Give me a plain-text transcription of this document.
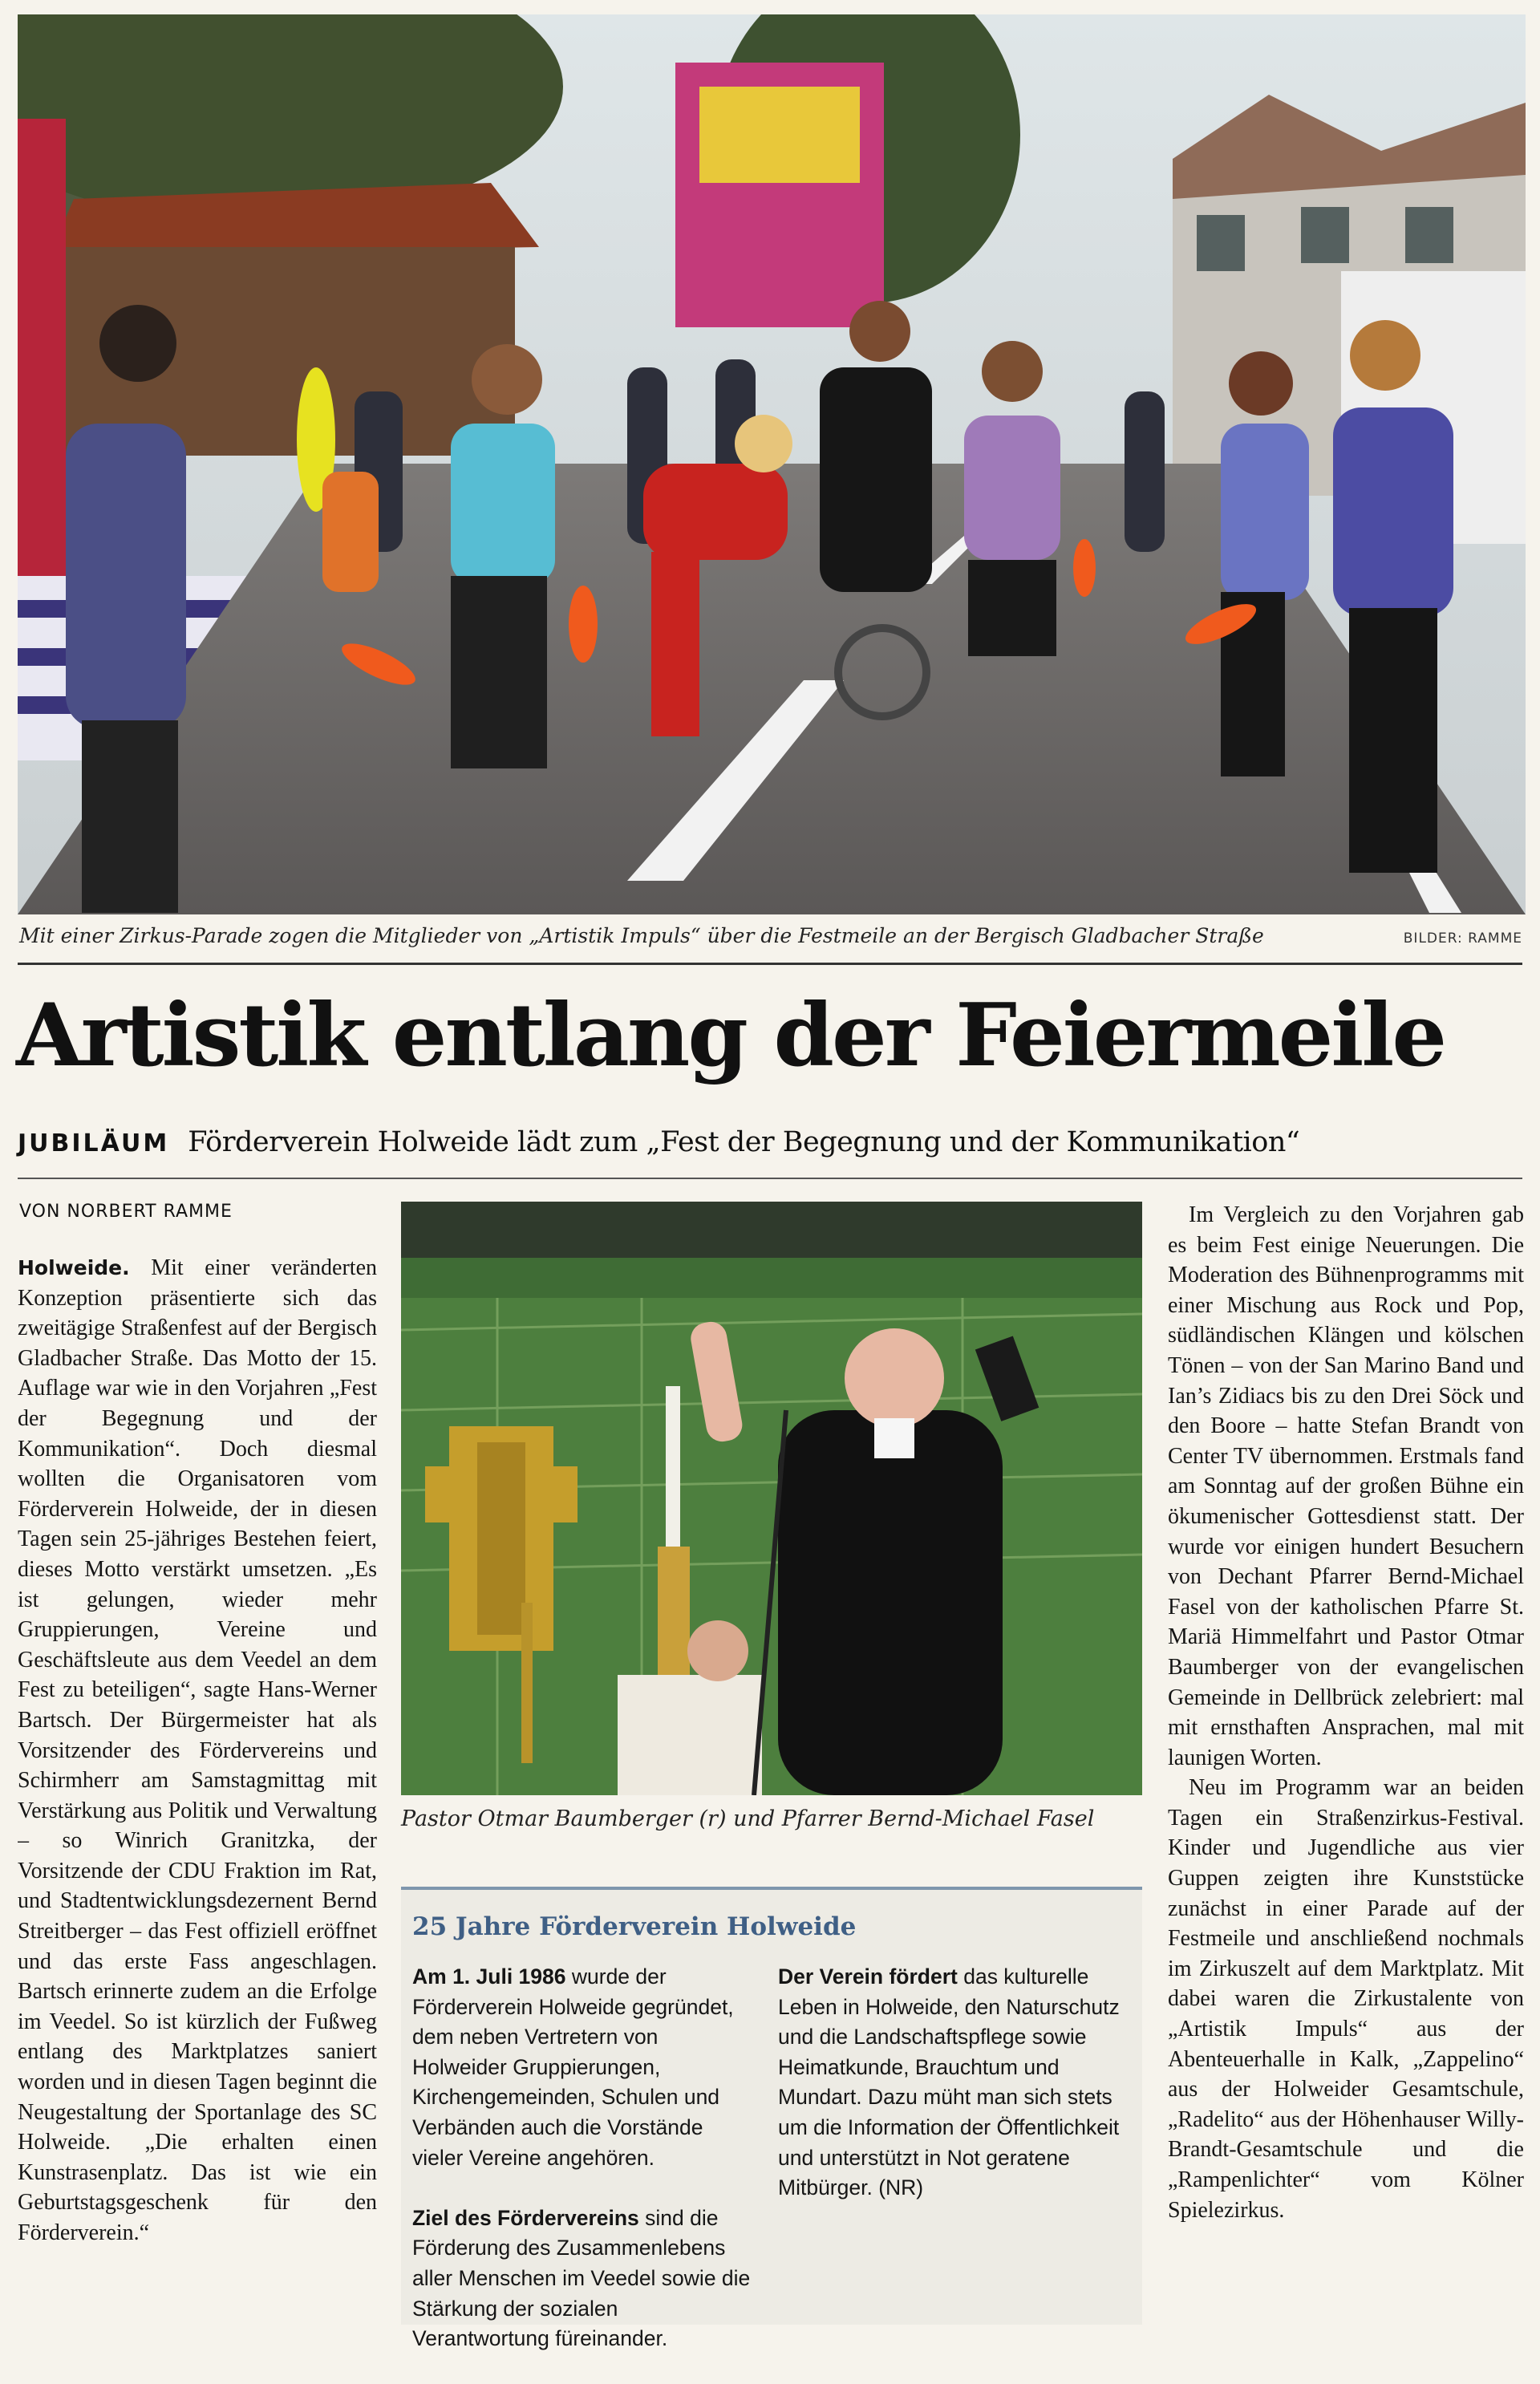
Mit einer Zirkus-Parade zogen die Mitglieder von „Artistik Impuls“ über die Festmeile an der Bergisch Gladbacher Straße	BILDER: RAMME
Artistik entlang der Feiermeile
JUBILÄUM Förderverein Holweide lädt zum „Fest der Begegnung und der Kommunikation“
VON NORBERT RAMME

Holweide. Mit einer veränderten Konzeption präsentierte sich das zweitägige Straßenfest auf der Bergisch Gladbacher Straße. Das Motto der 15. Auflage war wie in den Vorjahren „Fest der Begegnung und der Kommunikation“. Doch diesmal wollten die Organisatoren vom Förderverein Holweide, der in diesen Tagen sein 25-jähriges Bestehen feiert, dieses Motto verstärkt umsetzen. „Es ist gelungen, wieder mehr Gruppierungen, Vereine und Geschäftsleute aus dem Veedel an dem Fest zu beteiligen“, sagte Hans-Werner Bartsch. Der Bürgermeister hat als Vorsitzender des Fördervereins und Schirmherr am Samstagmittag mit Verstärkung aus Politik und Verwaltung – so Winrich Granitzka, der Vorsitzende der CDU Fraktion im Rat, und Stadtentwicklungsdezernent Bernd Streitberger – das Fest offiziell eröffnet und das erste Fass angeschlagen. Bartsch erinnerte zudem an die Erfolge im Veedel. So ist kürzlich der Fußweg entlang des Marktplatzes saniert worden und in diesen Tagen beginnt die Neugestaltung der Sportanlage des SC Holweide. „Die erhalten einen Kunstrasenplatz. Das ist wie ein Geburtstagsgeschenk für den Förderverein.“

Pastor Otmar Baumberger (r) und Pfarrer Bernd-Michael Fasel
25 Jahre Förderverein Holweide

Am 1. Juli 1986 wurde der Förderverein Holweide gegründet, dem neben Vertretern von Holweider Gruppierungen, Kirchengemeinden, Schulen und Verbänden auch die Vorstände vieler Vereine angehören.

Ziel des Fördervereins sind die Förderung des Zusammenlebens aller Menschen im Veedel sowie die Stärkung der sozialen Verantwortung füreinander.

Der Verein fördert das kulturelle Leben in Holweide, den Naturschutz und die Landschaftspflege sowie Heimatkunde, Brauchtum und Mundart. Dazu müht man sich stets um die Information der Öffentlichkeit und unterstützt in Not geratene Mitbürger. (NR)

Im Vergleich zu den Vorjahren gab es beim Fest einige Neuerungen. Die Moderation des Bühnenprogramms mit einer Mischung aus Rock und Pop, südländischen Klängen und kölschen Tönen – von der San Marino Band und Ian’s Zidiacs bis zu den Drei Söck und den Boore – hatte Stefan Brandt von Center TV übernommen. Erstmals fand am Sonntag auf der großen Bühne ein ökumenischer Gottesdienst statt. Der wurde vor einigen hundert Besuchern von Dechant Pfarrer Bernd-Michael Fasel von der katholischen Pfarre St. Mariä Himmelfahrt und Pastor Otmar Baumberger von der evangelischen Gemeinde in Dellbrück zelebriert: mal mit ernsthaften Ansprachen, mal mit launigen Worten.

Neu im Programm war an beiden Tagen ein Straßenzirkus-Festival. Kinder und Jugendliche aus vier Guppen zeigten ihre Kunststücke zunächst in einer Parade auf der Festmeile und anschließend nochmals im Zirkuszelt auf dem Marktplatz. Mit dabei waren die Zirkustalente von „Artistik Impuls“ aus der Abenteuerhalle in Kalk, „Zappelino“ aus der Holweider Gesamtschule, „Radelito“ aus der Höhenhauser Willy-Brandt-Gesamtschule und die „Rampenlichter“ vom Kölner Spielezirkus.
